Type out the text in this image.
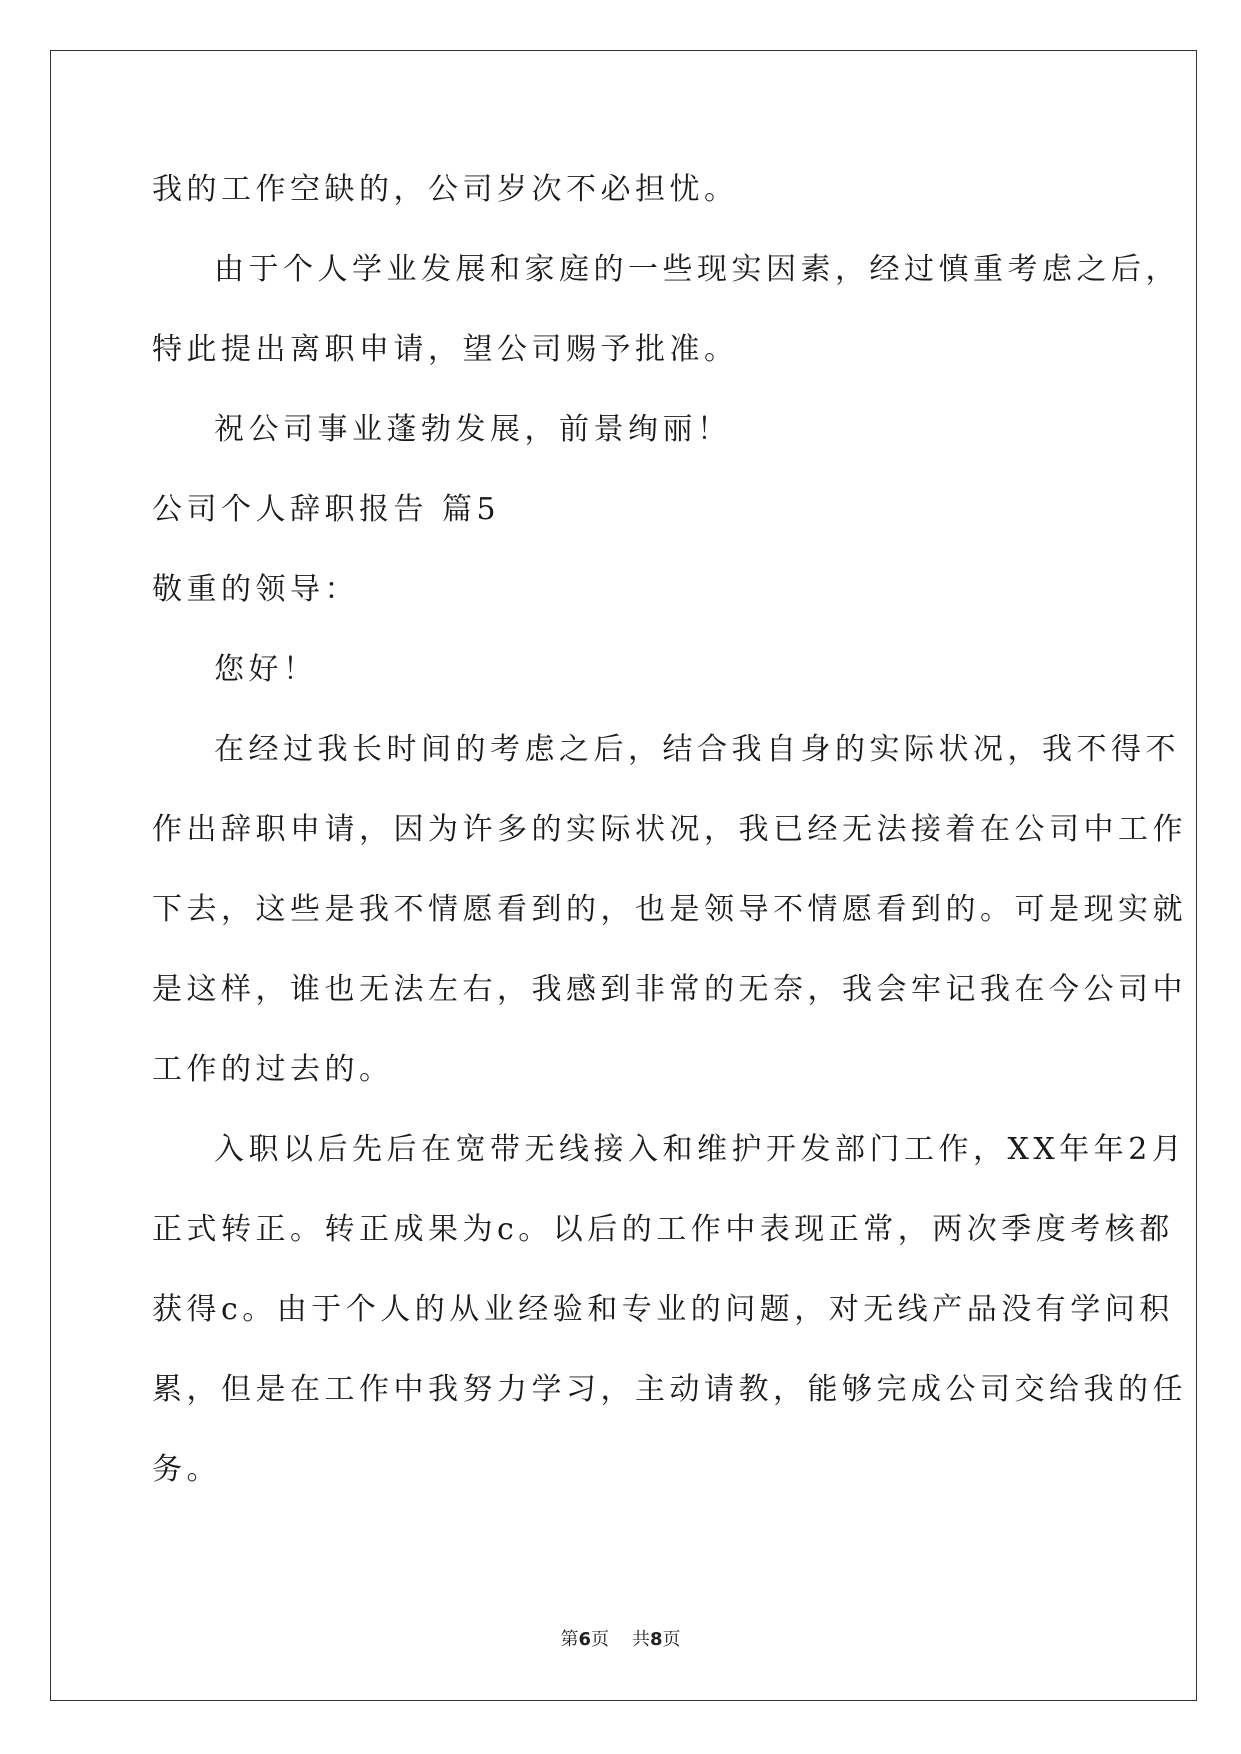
我的工作空缺的，公司岁次不必担忧。
由于个人学业发展和家庭的一些现实因素，经过慎重考虑之后，
特此提出离职申请，望公司赐予批准。
祝公司事业蓬勃发展，前景绚丽！
公司个人辞职报告 篇5
敬重的领导：
您好！
在经过我长时间的考虑之后，结合我自身的实际状况，我不得不
作出辞职申请，因为许多的实际状况，我已经无法接着在公司中工作
下去，这些是我不情愿看到的，也是领导不情愿看到的。可是现实就
是这样，谁也无法左右，我感到非常的无奈，我会牢记我在今公司中
工作的过去的。
入职以后先后在宽带无线接入和维护开发部门工作，XX年年2月
正式转正。转正成果为c。以后的工作中表现正常，两次季度考核都
获得c。由于个人的从业经验和专业的问题，对无线产品没有学问积
累，但是在工作中我努力学习，主动请教，能够完成公司交给我的任
务。
第6页 共8页
